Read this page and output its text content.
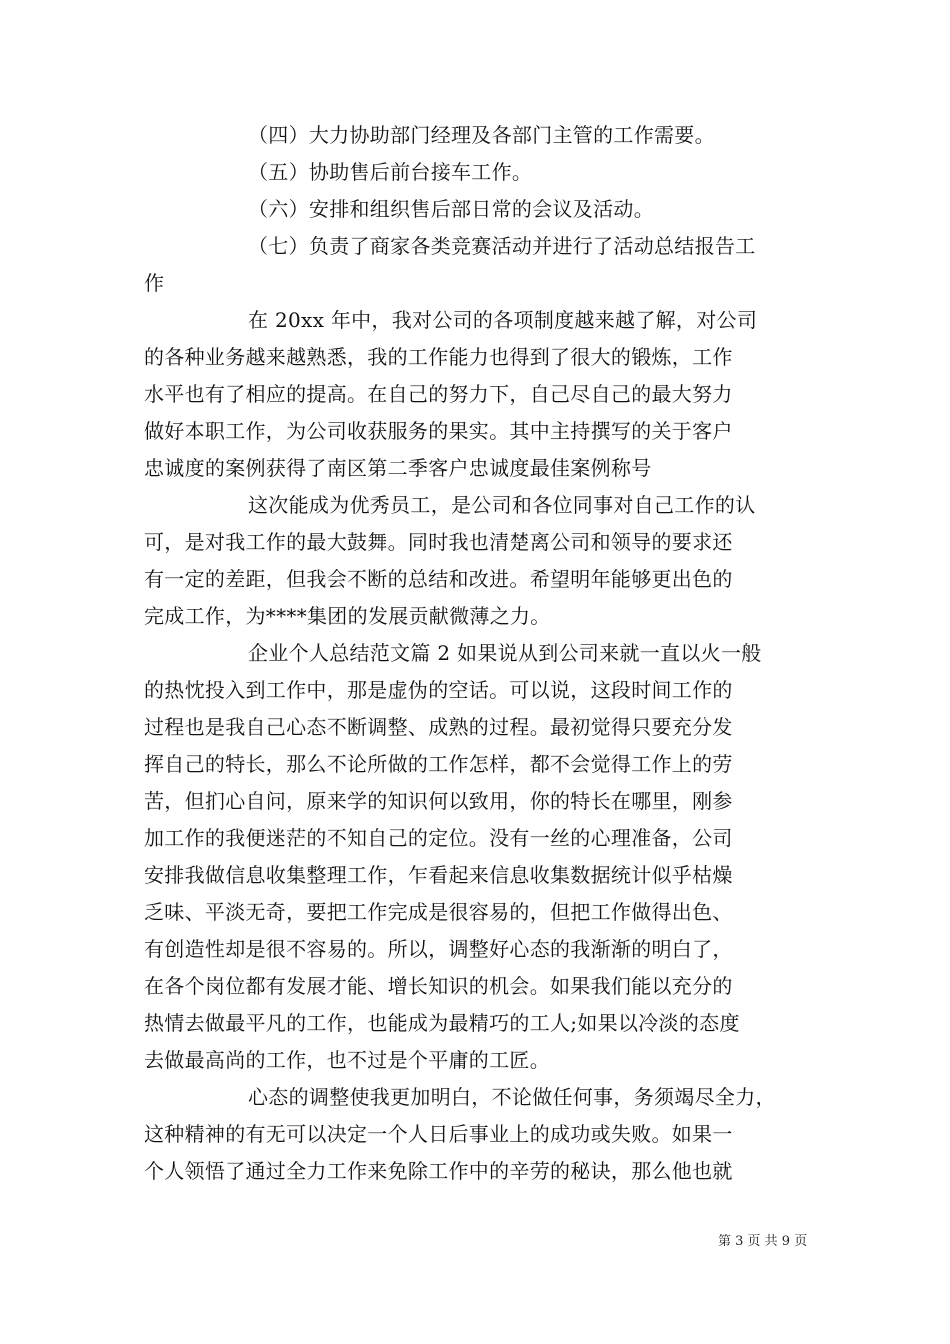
（四）大力协助部门经理及各部门主管的工作需要。
（五）协助售后前台接车工作。
（六）安排和组织售后部日常的会议及活动。
（七）负责了商家各类竞赛活动并进行了活动总结报告工
作
在 20xx 年中，我对公司的各项制度越来越了解，对公司
的各种业务越来越熟悉，我的工作能力也得到了很大的锻炼，工作
水平也有了相应的提高。在自己的努力下，自己尽自己的最大努力
做好本职工作，为公司收获服务的果实。其中主持撰写的关于客户
忠诚度的案例获得了南区第二季客户忠诚度最佳案例称号
这次能成为优秀员工，是公司和各位同事对自己工作的认
可，是对我工作的最大鼓舞。同时我也清楚离公司和领导的要求还
有一定的差距，但我会不断的总结和改进。希望明年能够更出色的
完成工作，为****集团的发展贡献微薄之力。
企业个人总结范文篇 2 如果说从到公司来就一直以火一般
的热忱投入到工作中，那是虚伪的空话。可以说，这段时间工作的
过程也是我自己心态不断调整、成熟的过程。最初觉得只要充分发
挥自己的特长，那么不论所做的工作怎样，都不会觉得工作上的劳
苦，但扪心自问，原来学的知识何以致用，你的特长在哪里，刚参
加工作的我便迷茫的不知自己的定位。没有一丝的心理准备，公司
安排我做信息收集整理工作，乍看起来信息收集数据统计似乎枯燥
乏味、平淡无奇，要把工作完成是很容易的，但把工作做得出色、
有创造性却是很不容易的。所以，调整好心态的我渐渐的明白了，
在各个岗位都有发展才能、增长知识的机会。如果我们能以充分的
热情去做最平凡的工作，也能成为最精巧的工人;如果以冷淡的态度
去做最高尚的工作，也不过是个平庸的工匠。
心态的调整使我更加明白，不论做任何事，务须竭尽全力，
这种精神的有无可以决定一个人日后事业上的成功或失败。如果一
个人领悟了通过全力工作来免除工作中的辛劳的秘诀，那么他也就
第 3 页 共 9 页
